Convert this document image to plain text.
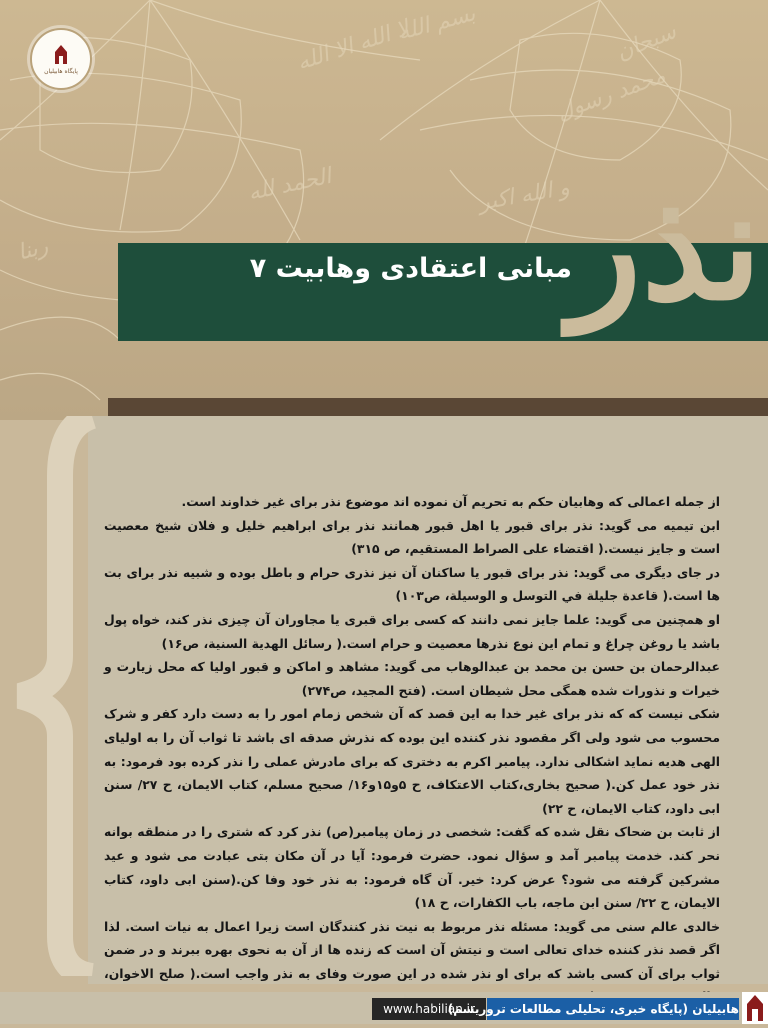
لا الله الا الله
بسم الله
محمد رسول
الحمد لله	و الله اکبر
سبحان
ربنا
پایگاه هابیلیان
نذر
مبانی اعتقادی وهابیت ۷

از جمله اعمالی که وهابیان حکم به تحریم آن نموده اند موضوع نذر برای غیر خداوند است.

ابن تیمیه می گوید: نذر برای قبور یا اهل قبور همانند نذر برای ابراهیم خلیل و فلان شیخ معصیت است و جایز نیست.( اقتضاء علی الصراط المستقیم، ص ۳۱۵)

در جای دیگری می گوید: نذر برای قبور یا ساکنان آن نیز نذری حرام و باطل بوده و شبیه نذر برای بت ها است.( قاعدة جلیلة في التوسل و الوسیلة، ص۱۰۳)

او همچنین می گوید: علما جایز نمی دانند که کسی برای قبری یا مجاوران آن چیزی نذر کند، خواه پول باشد یا روغن چراغ و تمام این نوع نذرها معصیت و حرام است.( رسائل الهدیة السنیة، ص۱۶)

عبدالرحمان بن حسن بن محمد بن عبدالوهاب می گوید: مشاهد و اماکن و قبور اولیا که محل زیارت و خیرات و نذورات شده همگی محل شیطان است. (فتح المجید، ص۲۷۴)

شکی نیست که که نذر برای غیر خدا به این قصد که آن شخص زمام امور را به دست دارد کفر و شرک محسوب می شود ولی اگر مقصود نذر کننده این بوده که نذرش صدقه ای باشد تا ثواب آن را به اولیای الهی هدیه نماید اشکالی ندارد. پیامبر اکرم به دختری که برای مادرش عملی را نذر کرده بود فرمود: به نذر خود عمل کن.( صحیح بخاری،کتاب الاعتکاف، ح ۵و۱۵و۱۶/ صحیح مسلم، کتاب الایمان، ح ۲۷/ سنن ابی داود، کتاب الایمان، ح ۲۲)

از ثابت بن ضحاک نقل شده که گفت: شخصی در زمان پیامبر(ص) نذر کرد که شتری را در منطقه بوانه نحر کند. خدمت پیامبر آمد و سؤال نمود. حضرت فرمود: آیا در آن مکان بتی عبادت می شود و عید مشرکین گرفته می شود؟ عرض کرد: خیر. آن گاه فرمود: به نذر خود وفا کن.(سنن ابی داود، کتاب الایمان، ح ۲۲/ سنن ابن ماجه، باب الکفارات، ح ۱۸)

خالدی عالم سنی می گوید: مسئله نذر مربوط به نیت نذر کنندگان است زیرا اعمال به نیات است. لذا اگر قصد نذر کننده خدای تعالی است و نیتش آن است که زنده ها از آن به نحوی بهره ببرند و در ضمن ثواب برای آن کسی باشد که برای او نذر شده در این صورت وفای به نذر واجب است.( صلح الاخوان،

www.habilian.ir
هابیلیان (پایگاه خبری، تحلیلی مطالعات تروریسم)
